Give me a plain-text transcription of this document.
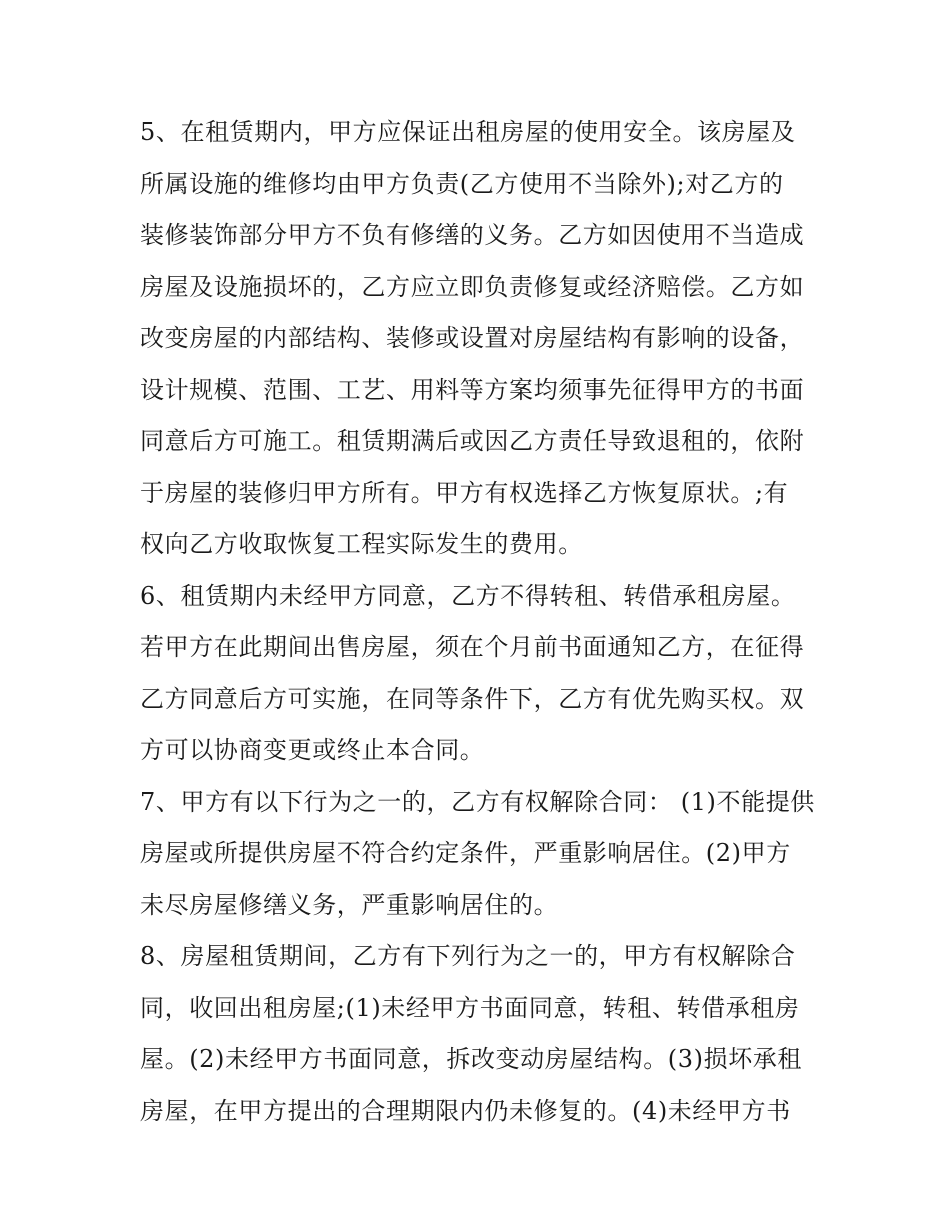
5、在租赁期内，甲方应保证出租房屋的使用安全。该房屋及
所属设施的维修均由甲方负责(乙方使用不当除外);对乙方的
装修装饰部分甲方不负有修缮的义务。乙方如因使用不当造成
房屋及设施损坏的，乙方应立即负责修复或经济赔偿。乙方如
改变房屋的内部结构、装修或设置对房屋结构有影响的设备，
设计规模、范围、工艺、用料等方案均须事先征得甲方的书面
同意后方可施工。租赁期满后或因乙方责任导致退租的，依附
于房屋的装修归甲方所有。甲方有权选择乙方恢复原状。;有
权向乙方收取恢复工程实际发生的费用。
6、租赁期内未经甲方同意，乙方不得转租、转借承租房屋。
若甲方在此期间出售房屋，须在个月前书面通知乙方，在征得
乙方同意后方可实施，在同等条件下，乙方有优先购买权。双
方可以协商变更或终止本合同。
7、甲方有以下行为之一的，乙方有权解除合同： (1)不能提供
房屋或所提供房屋不符合约定条件，严重影响居住。(2)甲方
未尽房屋修缮义务，严重影响居住的。
8、房屋租赁期间，乙方有下列行为之一的，甲方有权解除合
同，收回出租房屋;(1)未经甲方书面同意，转租、转借承租房
屋。(2)未经甲方书面同意，拆改变动房屋结构。(3)损坏承租
房屋，在甲方提出的合理期限内仍未修复的。(4)未经甲方书
